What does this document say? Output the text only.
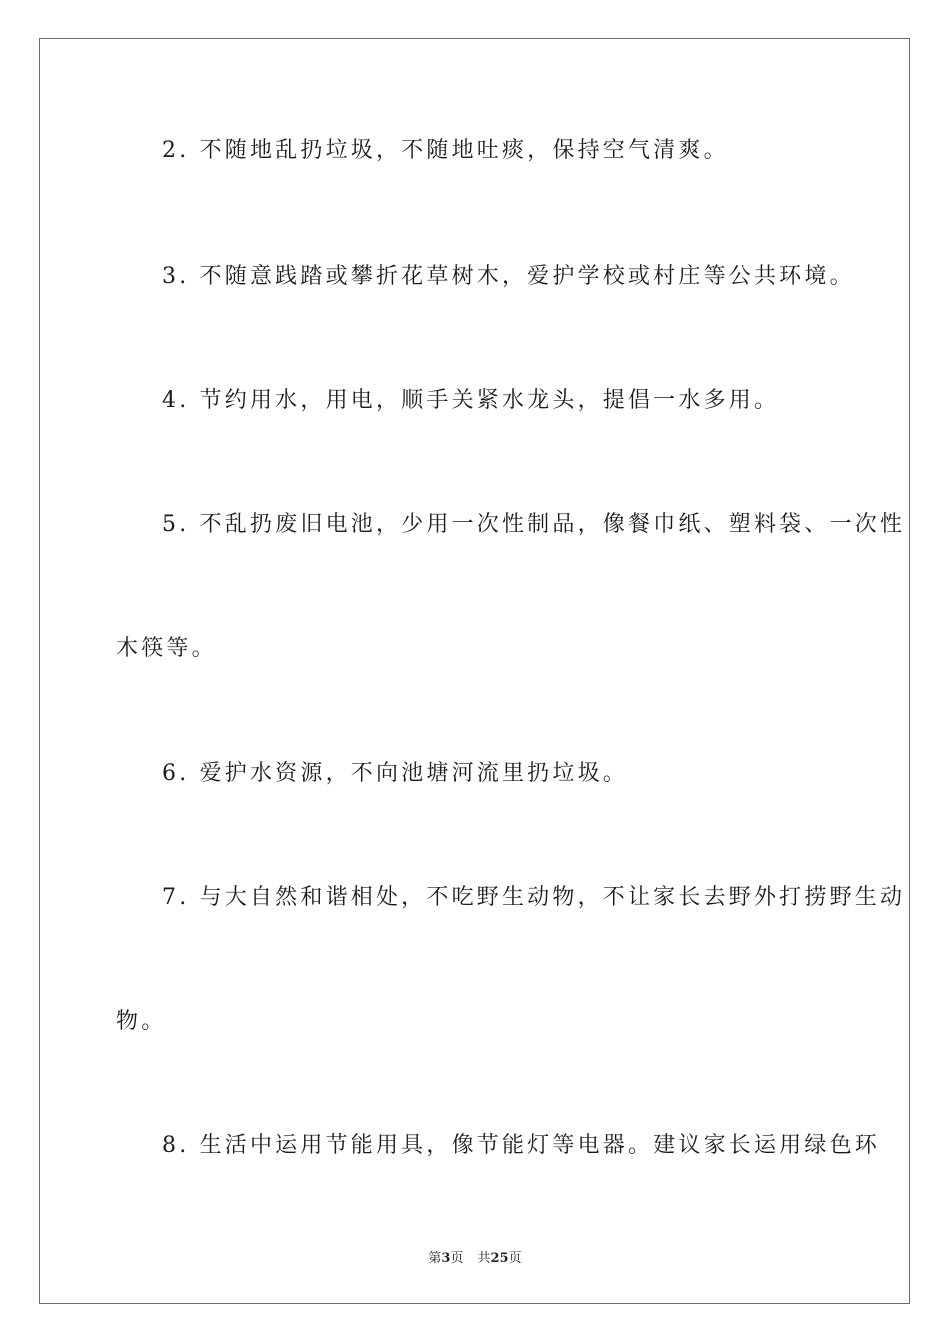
2. 不随地乱扔垃圾，不随地吐痰，保持空气清爽。
3. 不随意践踏或攀折花草树木，爱护学校或村庄等公共环境。
4. 节约用水，用电，顺手关紧水龙头，提倡一水多用。
5. 不乱扔废旧电池，少用一次性制品，像餐巾纸、塑料袋、一次性
木筷等。
6. 爱护水资源，不向池塘河流里扔垃圾。
7. 与大自然和谐相处，不吃野生动物，不让家长去野外打捞野生动
物。
8. 生活中运用节能用具，像节能灯等电器。建议家长运用绿色环
第3页 共25页
